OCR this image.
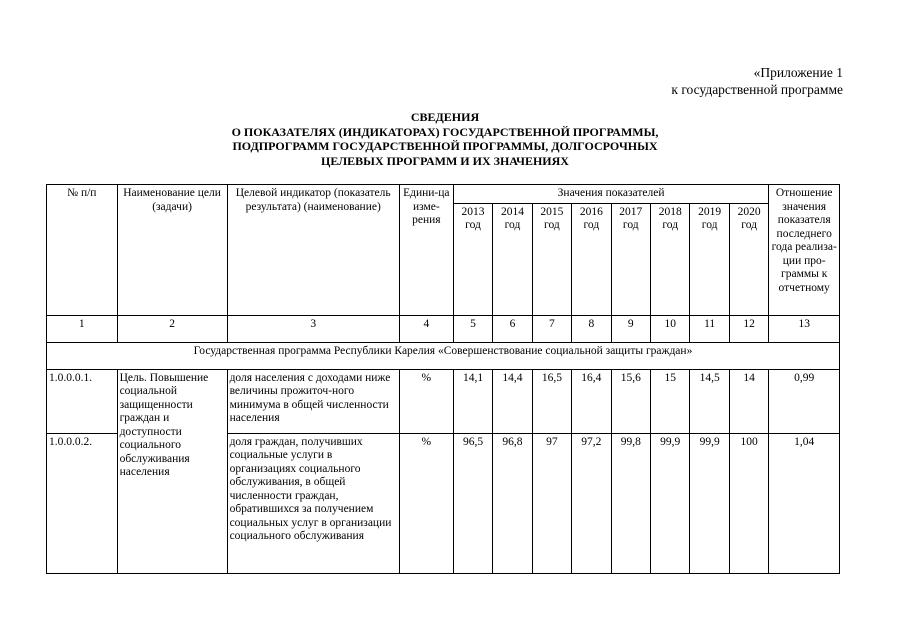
«Приложение 1
к государственной программе
СВЕДЕНИЯ
О ПОКАЗАТЕЛЯХ (ИНДИКАТОРАХ) ГОСУДАРСТВЕННОЙ ПРОГРАММЫ,
ПОДПРОГРАММ ГОСУДАРСТВЕННОЙ ПРОГРАММЫ, ДОЛГОСРОЧНЫХ
ЦЕЛЕВЫХ ПРОГРАММ И ИХ ЗНАЧЕНИЯХ
№ п/п	Наименование цели (задачи)	Целевой индикатор (показатель результата) (наименование)	Едини-ца изме-рения	Значения показателей								Отношение значения показателя последнего года реализа-ции про-граммы к отчетному
				2013 год	2014 год	2015 год	2016 год	2017 год	2018 год	2019 год	2020 год	
1	2	3	4	5	6	7	8	9	10	11	12	13
Государственная программа Республики Карелия «Совершенствование социальной защиты граждан»												
1.0.0.0.1.	Цель. Повышение социальной защищенности граждан и доступности социального обслуживания населения	доля населения с доходами ниже величины прожиточ-ного минимума в общей численности населения	%	14,1	14,4	16,5	16,4	15,6	15	14,5	14	0,99
1.0.0.0.2.		доля граждан, получивших социальные услуги в организациях социального обслуживания, в общей численности граждан, обратившихся за получением социальных услуг в организации социального обслуживания	%	96,5	96,8	97	97,2	99,8	99,9	99,9	100	1,04
